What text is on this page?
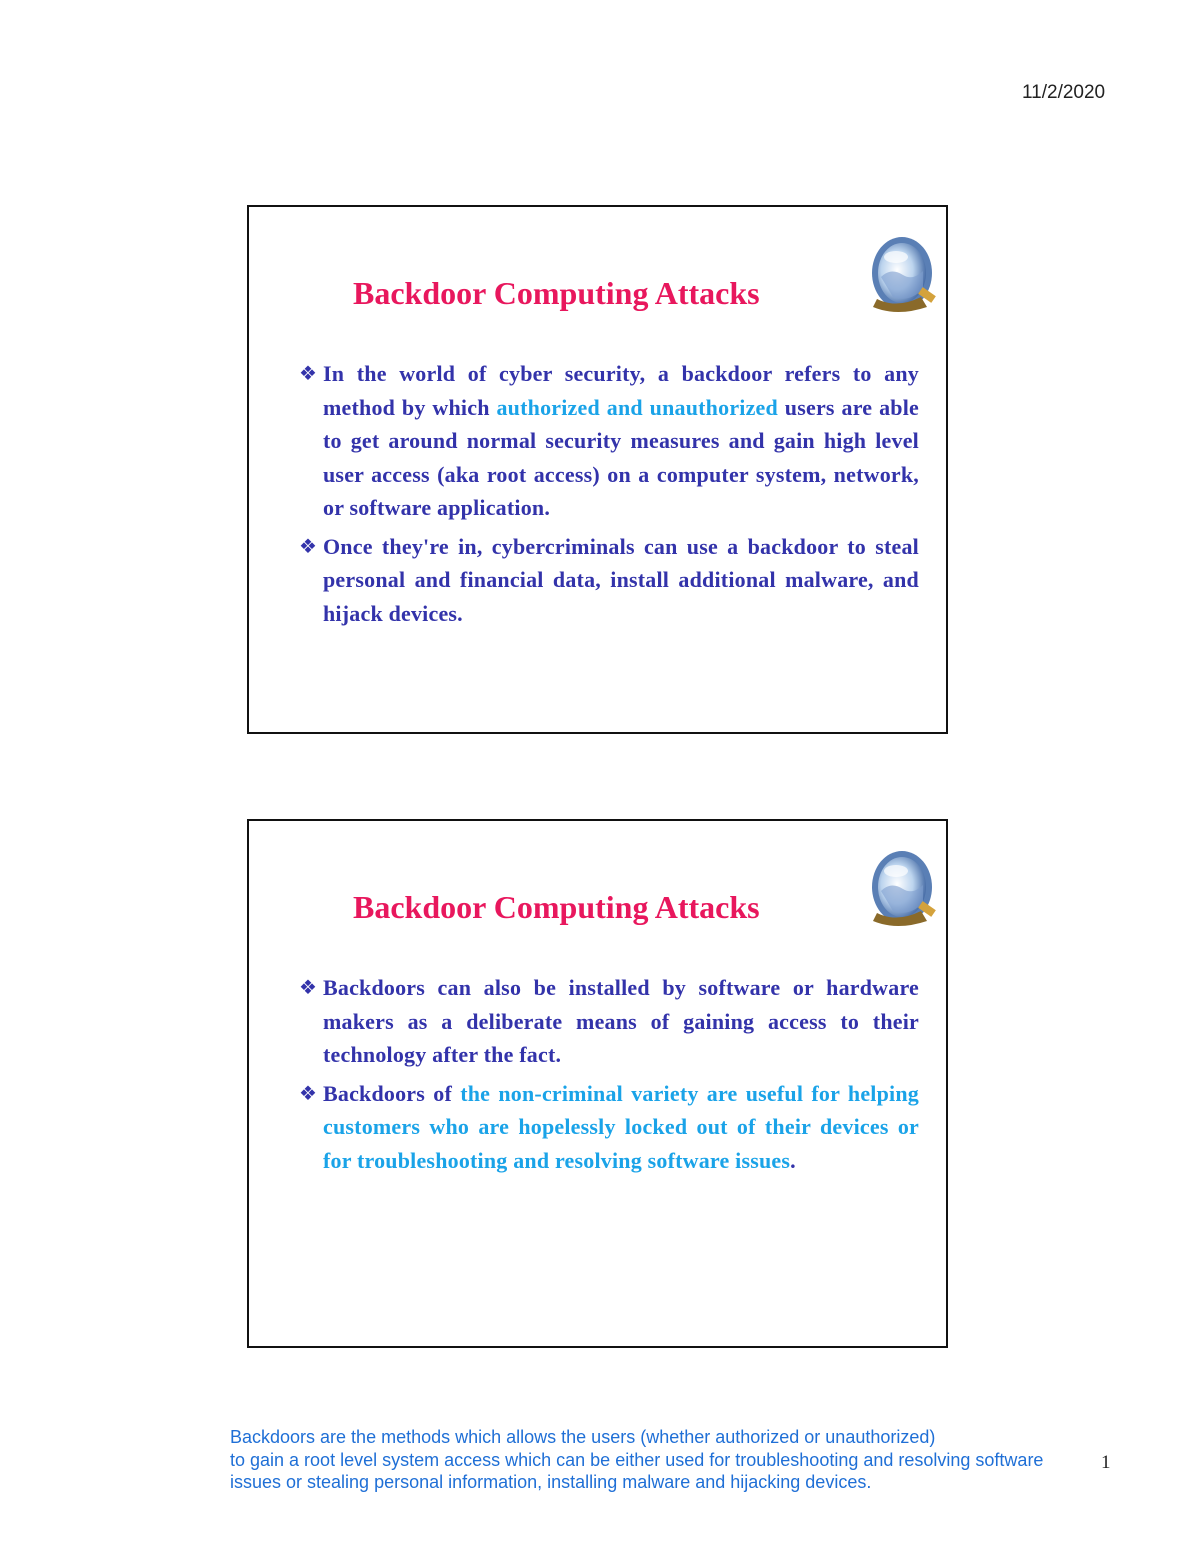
11/2/2020
Backdoor Computing Attacks
❖ In the world of cyber security, a backdoor refers to any method by which authorized and unauthorized users are able to get around normal security measures and gain high level user access (aka root access) on a computer system, network, or software application.
❖ Once they're in, cybercriminals can use a backdoor to steal personal and financial data, install additional malware, and hijack devices.
Backdoor Computing Attacks
❖ Backdoors can also be installed by software or hardware makers as a deliberate means of gaining access to their technology after the fact.
❖ Backdoors of the non-criminal variety are useful for helping customers who are hopelessly locked out of their devices or for troubleshooting and resolving software issues.
Backdoors are the methods which allows the users (whether authorized or unauthorized)
to gain a root level system access which can be either used for troubleshooting and resolving software
issues or stealing personal information, installing malware and hijacking devices.
1
